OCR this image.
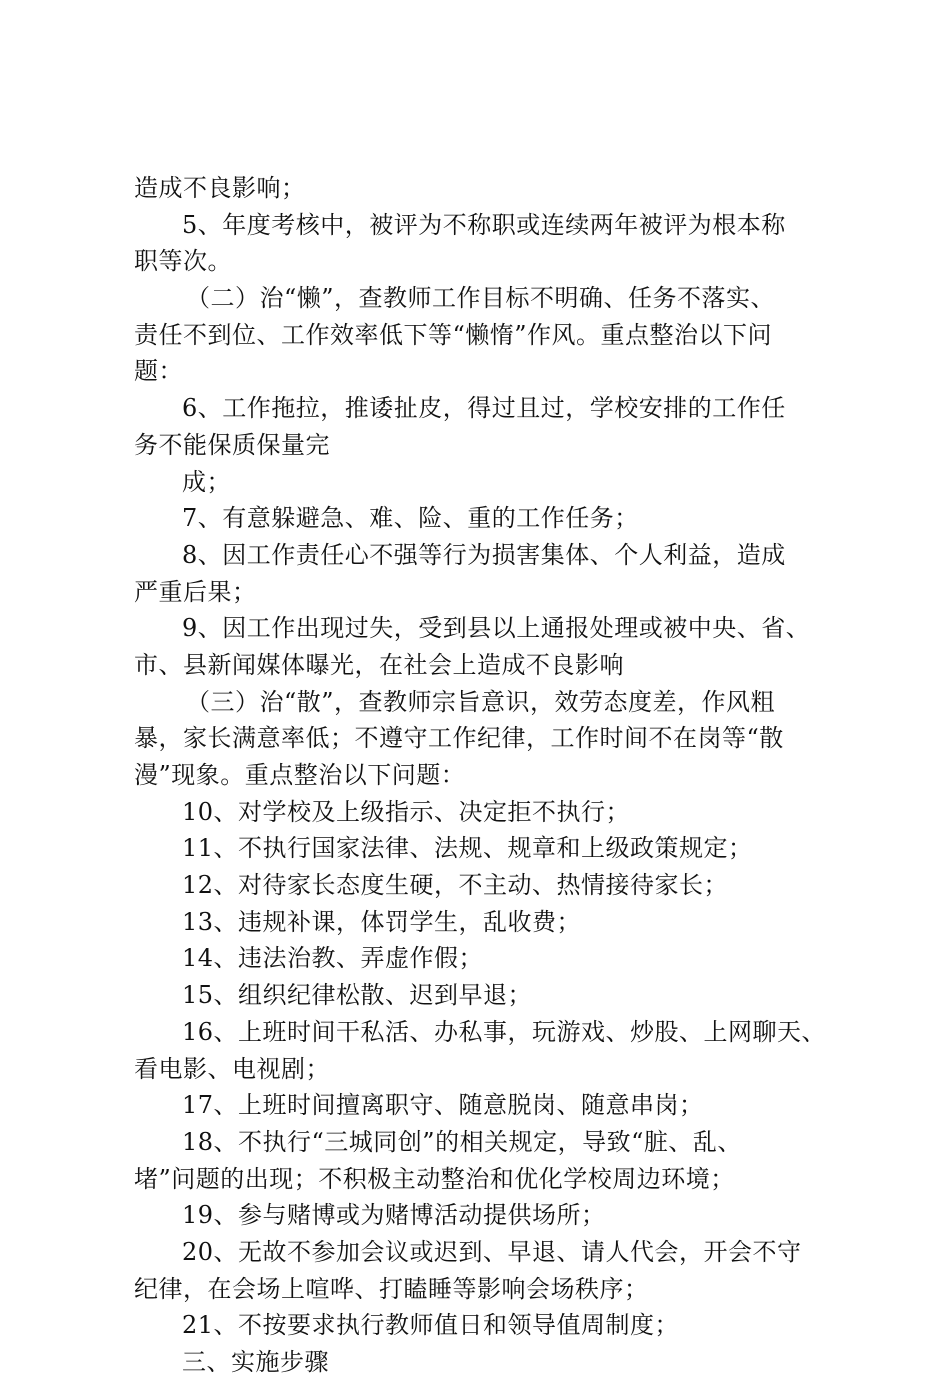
造成不良影响；
5、年度考核中，被评为不称职或连续两年被评为根本称
职等次。
（二）治“懒”，查教师工作目标不明确、任务不落实、
责任不到位、工作效率低下等“懒惰”作风。重点整治以下问
题：
6、工作拖拉，推诿扯皮，得过且过，学校安排的工作任
务不能保质保量完
成；
7、有意躲避急、难、险、重的工作任务；
8、因工作责任心不强等行为损害集体、个人利益，造成
严重后果；
9、因工作出现过失，受到县以上通报处理或被中央、省、
市、县新闻媒体曝光，在社会上造成不良影响
（三）治“散”，查教师宗旨意识，效劳态度差，作风粗
暴，家长满意率低；不遵守工作纪律，工作时间不在岗等“散
漫”现象。重点整治以下问题：
10、对学校及上级指示、决定拒不执行；
11、不执行国家法律、法规、规章和上级政策规定；
12、对待家长态度生硬，不主动、热情接待家长；
13、违规补课，体罚学生，乱收费；
14、违法治教、弄虚作假；
15、组织纪律松散、迟到早退；
16、上班时间干私活、办私事，玩游戏、炒股、上网聊天、
看电影、电视剧；
17、上班时间擅离职守、随意脱岗、随意串岗；
18、不执行“三城同创”的相关规定，导致“脏、乱、
堵”问题的出现；不积极主动整治和优化学校周边环境；
19、参与赌博或为赌博活动提供场所；
20、无故不参加会议或迟到、早退、请人代会，开会不守
纪律，在会场上喧哗、打瞌睡等影响会场秩序；
21、不按要求执行教师值日和领导值周制度；
三、实施步骤
